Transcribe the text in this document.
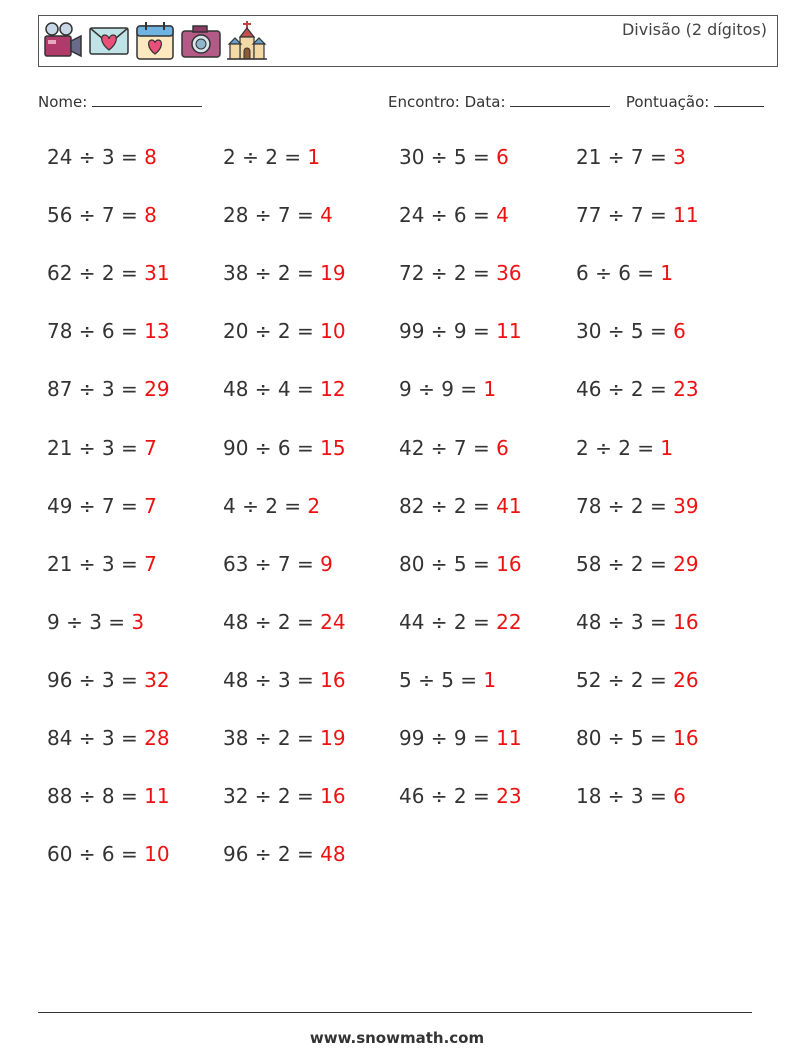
Divisão (2 dígitos)
Nome:	Encontro: Data:	Pontuação:
24 ÷ 3 = 8	2 ÷ 2 = 1	30 ÷ 5 = 6	21 ÷ 7 = 3
56 ÷ 7 = 8	28 ÷ 7 = 4	24 ÷ 6 = 4	77 ÷ 7 = 11
62 ÷ 2 = 31	38 ÷ 2 = 19	72 ÷ 2 = 36	6 ÷ 6 = 1
78 ÷ 6 = 13	20 ÷ 2 = 10	99 ÷ 9 = 11	30 ÷ 5 = 6
87 ÷ 3 = 29	48 ÷ 4 = 12	9 ÷ 9 = 1	46 ÷ 2 = 23
21 ÷ 3 = 7	90 ÷ 6 = 15	42 ÷ 7 = 6	2 ÷ 2 = 1
49 ÷ 7 = 7	4 ÷ 2 = 2	82 ÷ 2 = 41	78 ÷ 2 = 39
21 ÷ 3 = 7	63 ÷ 7 = 9	80 ÷ 5 = 16	58 ÷ 2 = 29
9 ÷ 3 = 3	48 ÷ 2 = 24	44 ÷ 2 = 22	48 ÷ 3 = 16
96 ÷ 3 = 32	48 ÷ 3 = 16	5 ÷ 5 = 1	52 ÷ 2 = 26
84 ÷ 3 = 28	38 ÷ 2 = 19	99 ÷ 9 = 11	80 ÷ 5 = 16
88 ÷ 8 = 11	32 ÷ 2 = 16	46 ÷ 2 = 23	18 ÷ 3 = 6
60 ÷ 6 = 10	96 ÷ 2 = 48
www.snowmath.com
